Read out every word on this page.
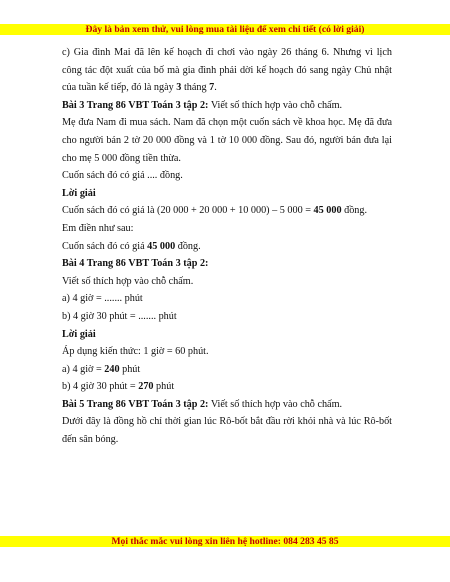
Đây là bản xem thử, vui lòng mua tài liệu để xem chi tiết (có lời giải)

c) Gia đình Mai đã lên kế hoạch đi chơi vào ngày 26 tháng 6. Nhưng vì lịch công tác đột xuất của bố mà gia đình phải dời kế hoạch đó sang ngày Chủ nhật của tuần kế tiếp, đó là ngày 3 tháng 7.

Bài 3 Trang 86 VBT Toán 3 tập 2: Viết số thích hợp vào chỗ chấm.

Mẹ đưa Nam đi mua sách. Nam đã chọn một cuốn sách về khoa học. Mẹ đã đưa cho người bán 2 tờ 20 000 đồng và 1 tờ 10 000 đồng. Sau đó, người bán đưa lại cho mẹ 5 000 đồng tiền thừa.

Cuốn sách đó có giá .... đồng.

Lời giải

Cuốn sách đó có giá là (20 000 + 20 000 + 10 000) – 5 000 = 45 000 đồng.

Em điền như sau:

Cuốn sách đó có giá 45 000 đồng.

Bài 4 Trang 86 VBT Toán 3 tập 2:

Viết số thích hợp vào chỗ chấm.

a) 4 giờ = ....... phút

b) 4 giờ 30 phút = ....... phút

Lời giải

Áp dụng kiến thức: 1 giờ = 60 phút.

a) 4 giờ = 240 phút

b) 4 giờ 30 phút = 270 phút

Bài 5 Trang 86 VBT Toán 3 tập 2: Viết số thích hợp vào chỗ chấm.

Dưới đây là đồng hồ chỉ thời gian lúc Rô-bốt bắt đầu rời khỏi nhà và lúc Rô-bốt đến sân bóng.

Mọi thắc mắc vui lòng xin liên hệ hotline: 084 283 45 85
